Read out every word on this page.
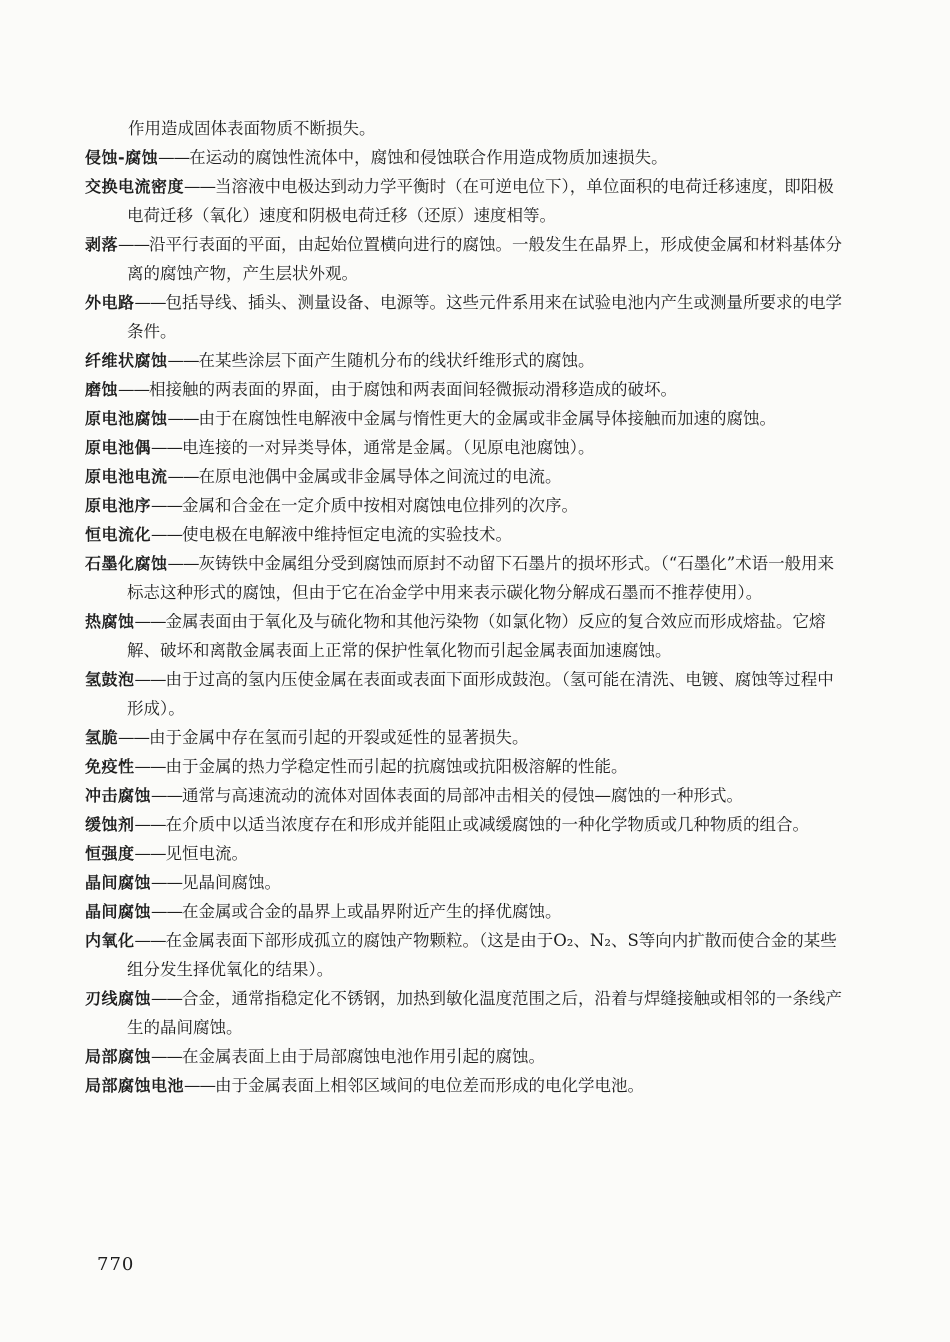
作用造成固体表面物质不断损失。

侵蚀-腐蚀——在运动的腐蚀性流体中，腐蚀和侵蚀联合作用造成物质加速损失。
交换电流密度——当溶液中电极达到动力学平衡时（在可逆电位下），单位面积的电荷迁移速度，即阳极电荷迁移（氧化）速度和阴极电荷迁移（还原）速度相等。
剥落——沿平行表面的平面，由起始位置横向进行的腐蚀。一般发生在晶界上，形成使金属和材料基体分离的腐蚀产物，产生层状外观。
外电路——包括导线、插头、测量设备、电源等。这些元件系用来在试验电池内产生或测量所要求的电学条件。
纤维状腐蚀——在某些涂层下面产生随机分布的线状纤维形式的腐蚀。
磨蚀——相接触的两表面的界面，由于腐蚀和两表面间轻微振动滑移造成的破坏。
原电池腐蚀——由于在腐蚀性电解液中金属与惰性更大的金属或非金属导体接触而加速的腐蚀。
原电池偶——电连接的一对异类导体，通常是金属。（见原电池腐蚀）。
原电池电流——在原电池偶中金属或非金属导体之间流过的电流。
原电池序——金属和合金在一定介质中按相对腐蚀电位排列的次序。
恒电流化——使电极在电解液中维持恒定电流的实验技术。
石墨化腐蚀——灰铸铁中金属组分受到腐蚀而原封不动留下石墨片的损坏形式。（“石墨化”术语一般用来标志这种形式的腐蚀，但由于它在冶金学中用来表示碳化物分解成石墨而不推荐使用）。
热腐蚀——金属表面由于氧化及与硫化物和其他污染物（如氯化物）反应的复合效应而形成熔盐。它熔解、破坏和离散金属表面上正常的保护性氧化物而引起金属表面加速腐蚀。
氢鼓泡——由于过高的氢内压使金属在表面或表面下面形成鼓泡。（氢可能在清洗、电镀、腐蚀等过程中形成）。
氢脆——由于金属中存在氢而引起的开裂或延性的显著损失。
免疫性——由于金属的热力学稳定性而引起的抗腐蚀或抗阳极溶解的性能。
冲击腐蚀——通常与高速流动的流体对固体表面的局部冲击相关的侵蚀—腐蚀的一种形式。
缓蚀剂——在介质中以适当浓度存在和形成并能阻止或减缓腐蚀的一种化学物质或几种物质的组合。
恒强度——见恒电流。
晶间腐蚀——见晶间腐蚀。
晶间腐蚀——在金属或合金的晶界上或晶界附近产生的择优腐蚀。
内氧化——在金属表面下部形成孤立的腐蚀产物颗粒。（这是由于O₂、N₂、S等向内扩散而使合金的某些组分发生择优氧化的结果）。
刃线腐蚀——合金，通常指稳定化不锈钢，加热到敏化温度范围之后，沿着与焊缝接触或相邻的一条线产生的晶间腐蚀。
局部腐蚀——在金属表面上由于局部腐蚀电池作用引起的腐蚀。
局部腐蚀电池——由于金属表面上相邻区域间的电位差而形成的电化学电池。
770
